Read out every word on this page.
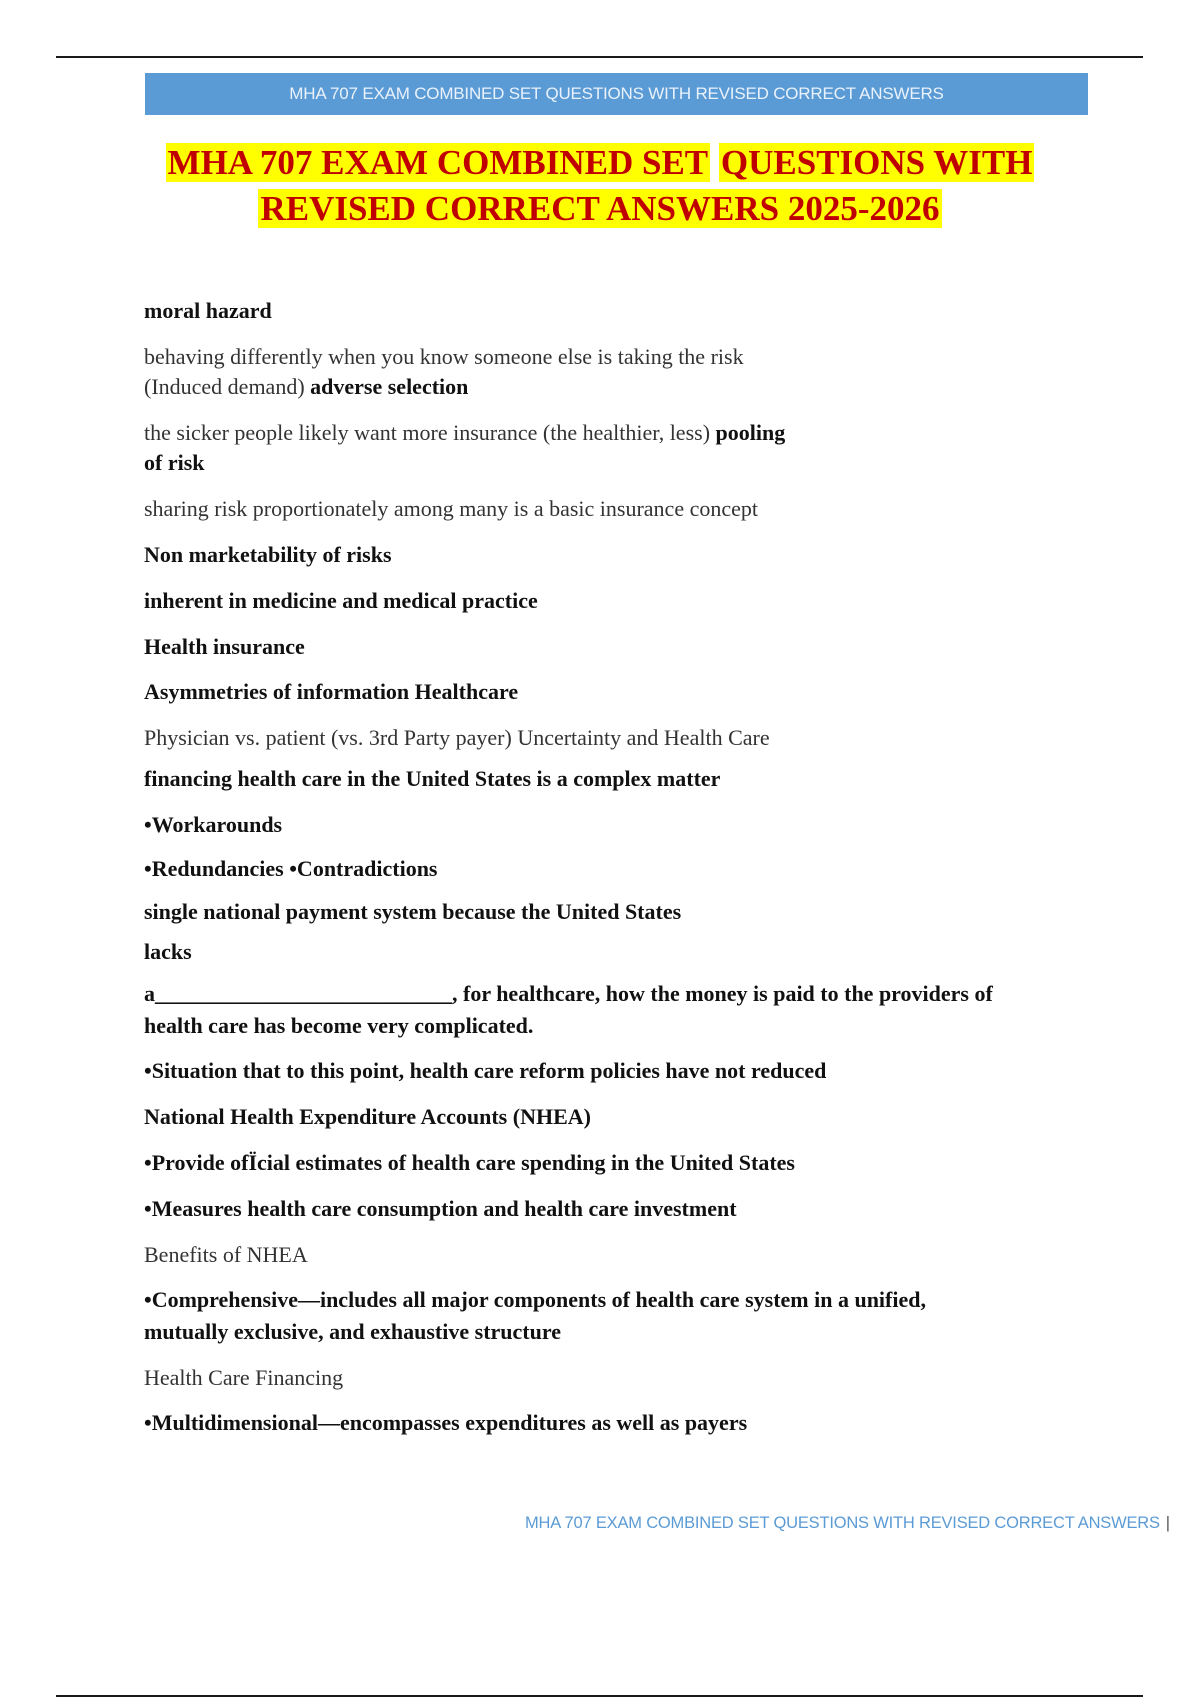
MHA 707 EXAM COMBINED SET QUESTIONS WITH REVISED CORRECT ANSWERS
MHA 707 EXAM COMBINED SET QUESTIONS WITH
REVISED CORRECT ANSWERS 2025-2026
moral hazard
behaving differently when you know someone else is taking the risk
(Induced demand) adverse selection
the sicker people likely want more insurance (the healthier, less) pooling
of risk
sharing risk proportionately among many is a basic insurance concept
Non marketability of risks
inherent in medicine and medical practice
Health insurance
Asymmetries of information Healthcare
Physician vs. patient (vs. 3rd Party payer) Uncertainty and Health Care
financing health care in the United States is a complex matter
•Workarounds
•Redundancies •Contradictions
single national payment system because the United States
lacks
a___________________________, for healthcare, how the money is paid to the providers of
health care has become very complicated.
•Situation that to this point, health care reform policies have not reduced
National Health Expenditure Accounts (NHEA)
•Provide ofÏcial estimates of health care spending in the United States
•Measures health care consumption and health care investment
Benefits of NHEA
•Comprehensive—includes all major components of health care system in a unified,
mutually exclusive, and exhaustive structure
Health Care Financing
•Multidimensional—encompasses expenditures as well as payers
MHA 707 EXAM COMBINED SET QUESTIONS WITH REVISED CORRECT ANSWERS |
